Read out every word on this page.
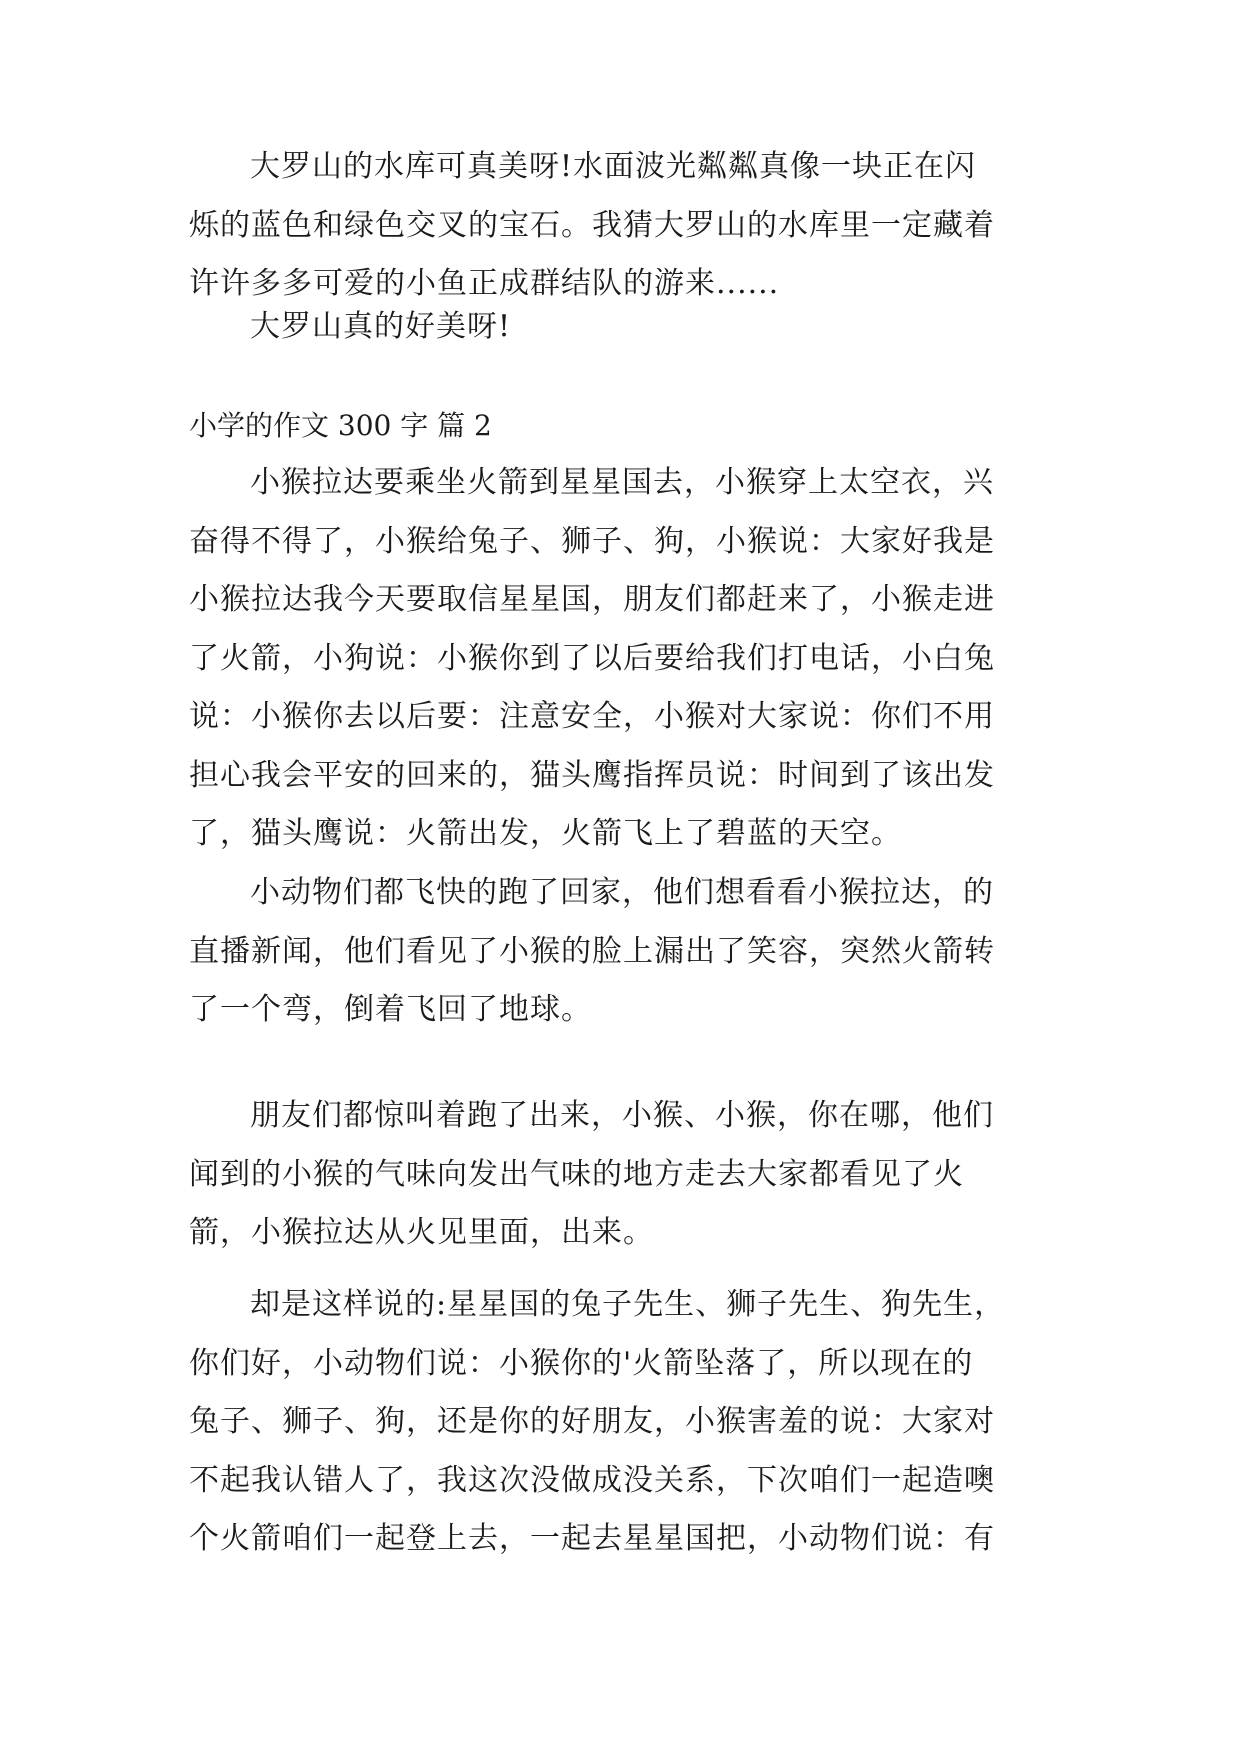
大罗山的水库可真美呀!水面波光粼粼真像一块正在闪
烁的蓝色和绿色交叉的宝石。我猜大罗山的水库里一定藏着
许许多多可爱的小鱼正成群结队的游来......

大罗山真的好美呀!

小学的作文 300 字 篇 2

小猴拉达要乘坐火箭到星星国去，小猴穿上太空衣，兴
奋得不得了，小猴给兔子、狮子、狗，小猴说：大家好我是
小猴拉达我今天要取信星星国，朋友们都赶来了，小猴走进
了火箭，小狗说：小猴你到了以后要给我们打电话，小白兔
说：小猴你去以后要：注意安全，小猴对大家说：你们不用
担心我会平安的回来的，猫头鹰指挥员说：时间到了该出发
了，猫头鹰说：火箭出发，火箭飞上了碧蓝的天空。

小动物们都飞快的跑了回家，他们想看看小猴拉达，的
直播新闻，他们看见了小猴的脸上漏出了笑容，突然火箭转
了一个弯，倒着飞回了地球。

朋友们都惊叫着跑了出来，小猴、小猴，你在哪，他们
闻到的小猴的气味向发出气味的地方走去大家都看见了火
箭，小猴拉达从火见里面，出来。

却是这样说的:星星国的兔子先生、狮子先生、狗先生，
你们好，小动物们说：小猴你的'火箭坠落了，所以现在的
兔子、狮子、狗，还是你的好朋友，小猴害羞的说：大家对
不起我认错人了，我这次没做成没关系，下次咱们一起造噢
个火箭咱们一起登上去，一起去星星国把，小动物们说：有
